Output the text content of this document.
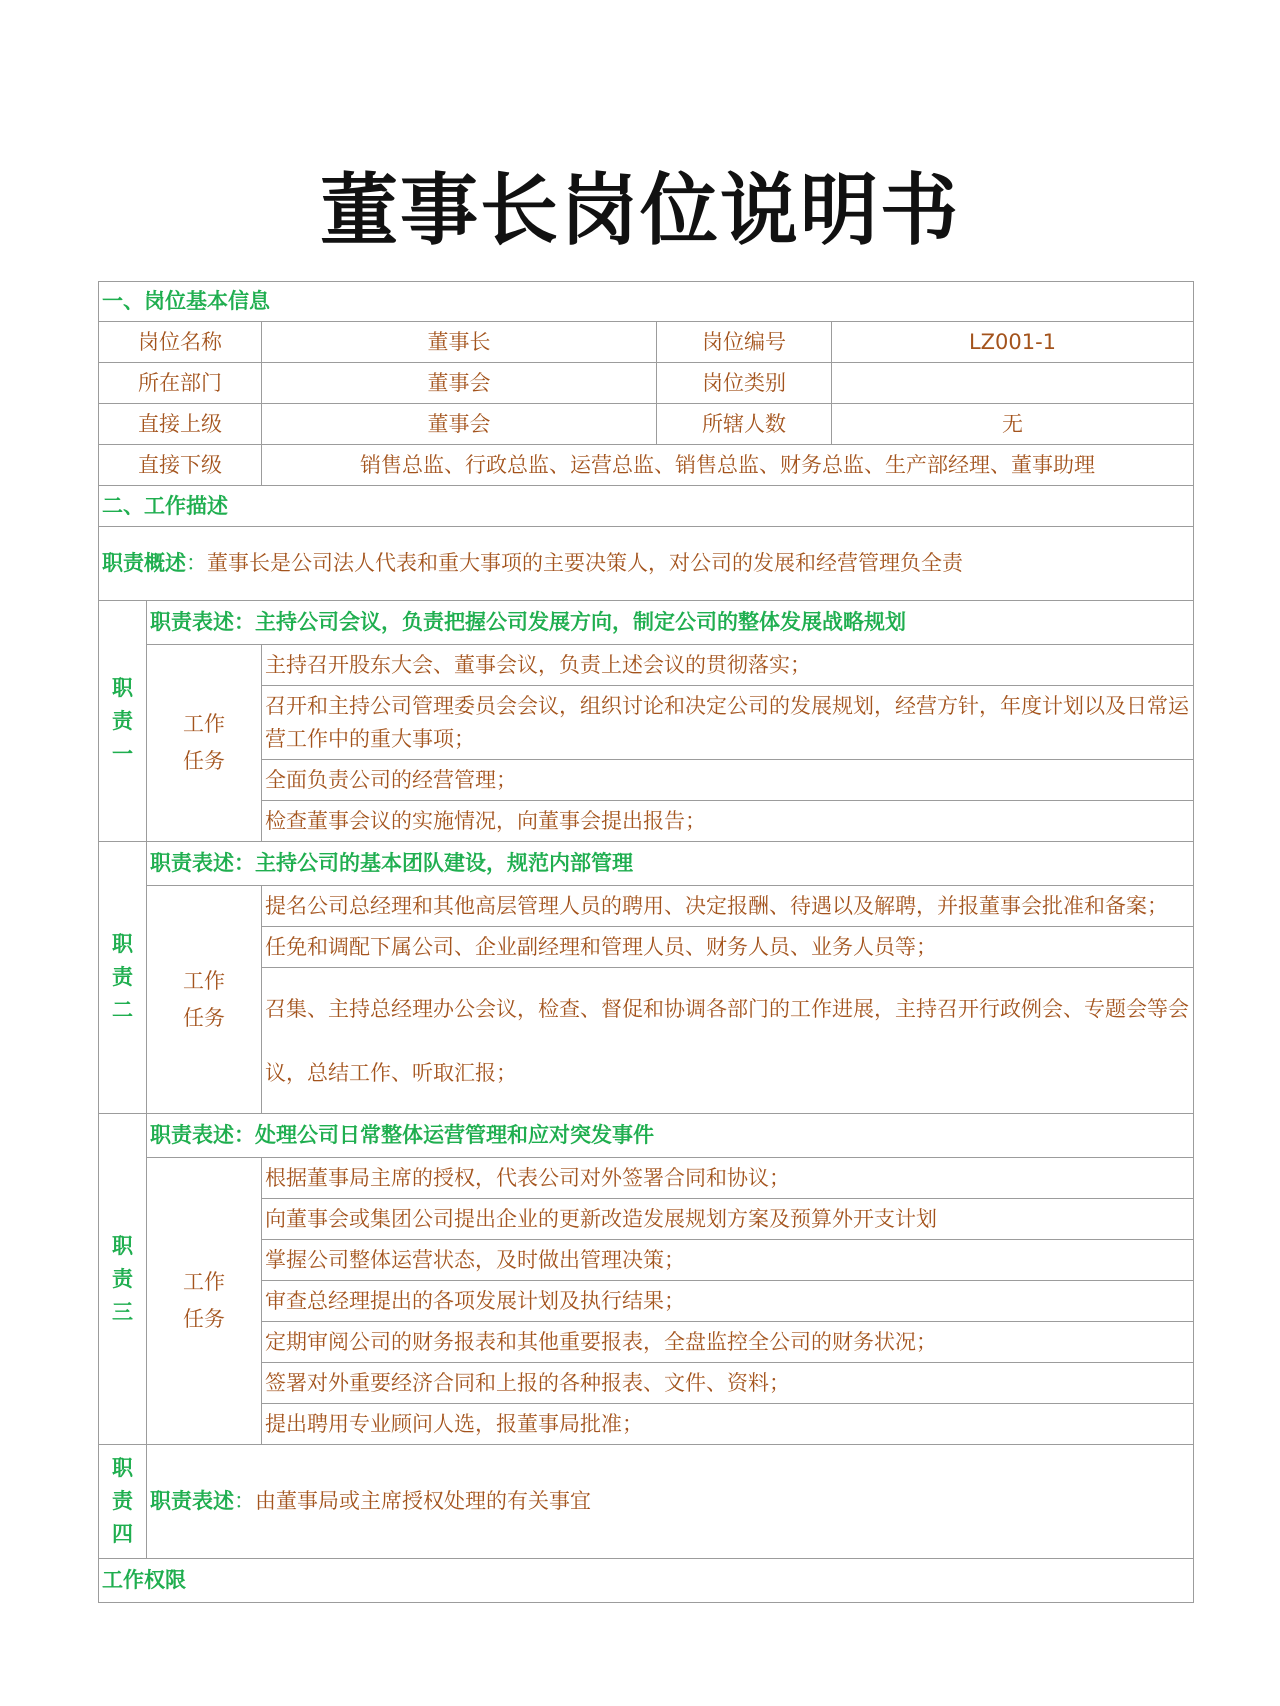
董事长岗位说明书
一、岗位基本信息				
岗位名称		董事长	岗位编号	LZ001-1
所在部门		董事会	岗位类别	
直接上级		董事会	所辖人数	无
直接下级		销售总监、行政总监、运营总监、销售总监、财务总监、生产部经理、董事助理		
二、工作描述				
职责概述：董事长是公司法人代表和重大事项的主要决策人，对公司的发展和经营管理负全责				
职
责
一	职责表述：主持公司会议，负责把握公司发展方向，制定公司的整体发展战略规划			
	工作
任务	主持召开股东大会、董事会议，负责上述会议的贯彻落实；		
		召开和主持公司管理委员会会议，组织讨论和决定公司的发展规划，经营方针，年度计划以及日常运营工作中的重大事项；		
		全面负责公司的经营管理；		
		检查董事会议的实施情况，向董事会提出报告；		

职
责
二	职责表述：主持公司的基本团队建设，规范内部管理			
	工作
任务	提名公司总经理和其他高层管理人员的聘用、决定报酬、待遇以及解聘，并报董事会批准和备案；		
		任免和调配下属公司、企业副经理和管理人员、财务人员、业务人员等；		
		召集、主持总经理办公会议，检查、督促和协调各部门的工作进展，主持召开行政例会、专题会等会议，总结工作、听取汇报；		
职
责
三	职责表述：处理公司日常整体运营管理和应对突发事件			
	工作
任务	根据董事局主席的授权，代表公司对外签署合同和协议；		
		向董事会或集团公司提出企业的更新改造发展规划方案及预算外开支计划		
		掌握公司整体运营状态，及时做出管理决策；		
		审查总经理提出的各项发展计划及执行结果；		
		定期审阅公司的财务报表和其他重要报表，全盘监控全公司的财务状况；		
		签署对外重要经济合同和上报的各种报表、文件、资料；		
		提出聘用专业顾问人选，报董事局批准；		
职
责
四	职责表述：由董事局或主席授权处理的有关事宜			
工作权限				
